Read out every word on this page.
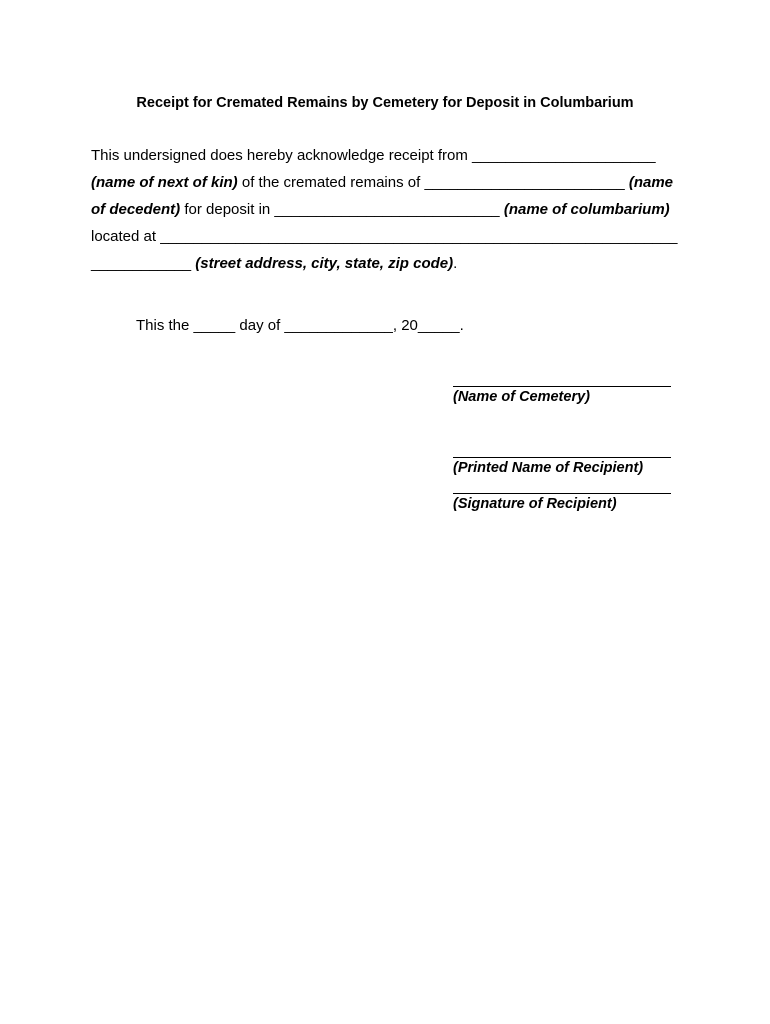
Receipt for Cremated Remains by Cemetery for Deposit in Columbarium
This undersigned does hereby acknowledge receipt from ______________________
(name of next of kin) of the cremated remains of ________________________ (name
of decedent) for deposit in ___________________________ (name of columbarium)
located at ______________________________________________________________
____________ (street address, city, state, zip code).
This the _____ day of _____________, 20_____.
(Name of Cemetery)
(Printed Name of Recipient)
(Signature of Recipient)
